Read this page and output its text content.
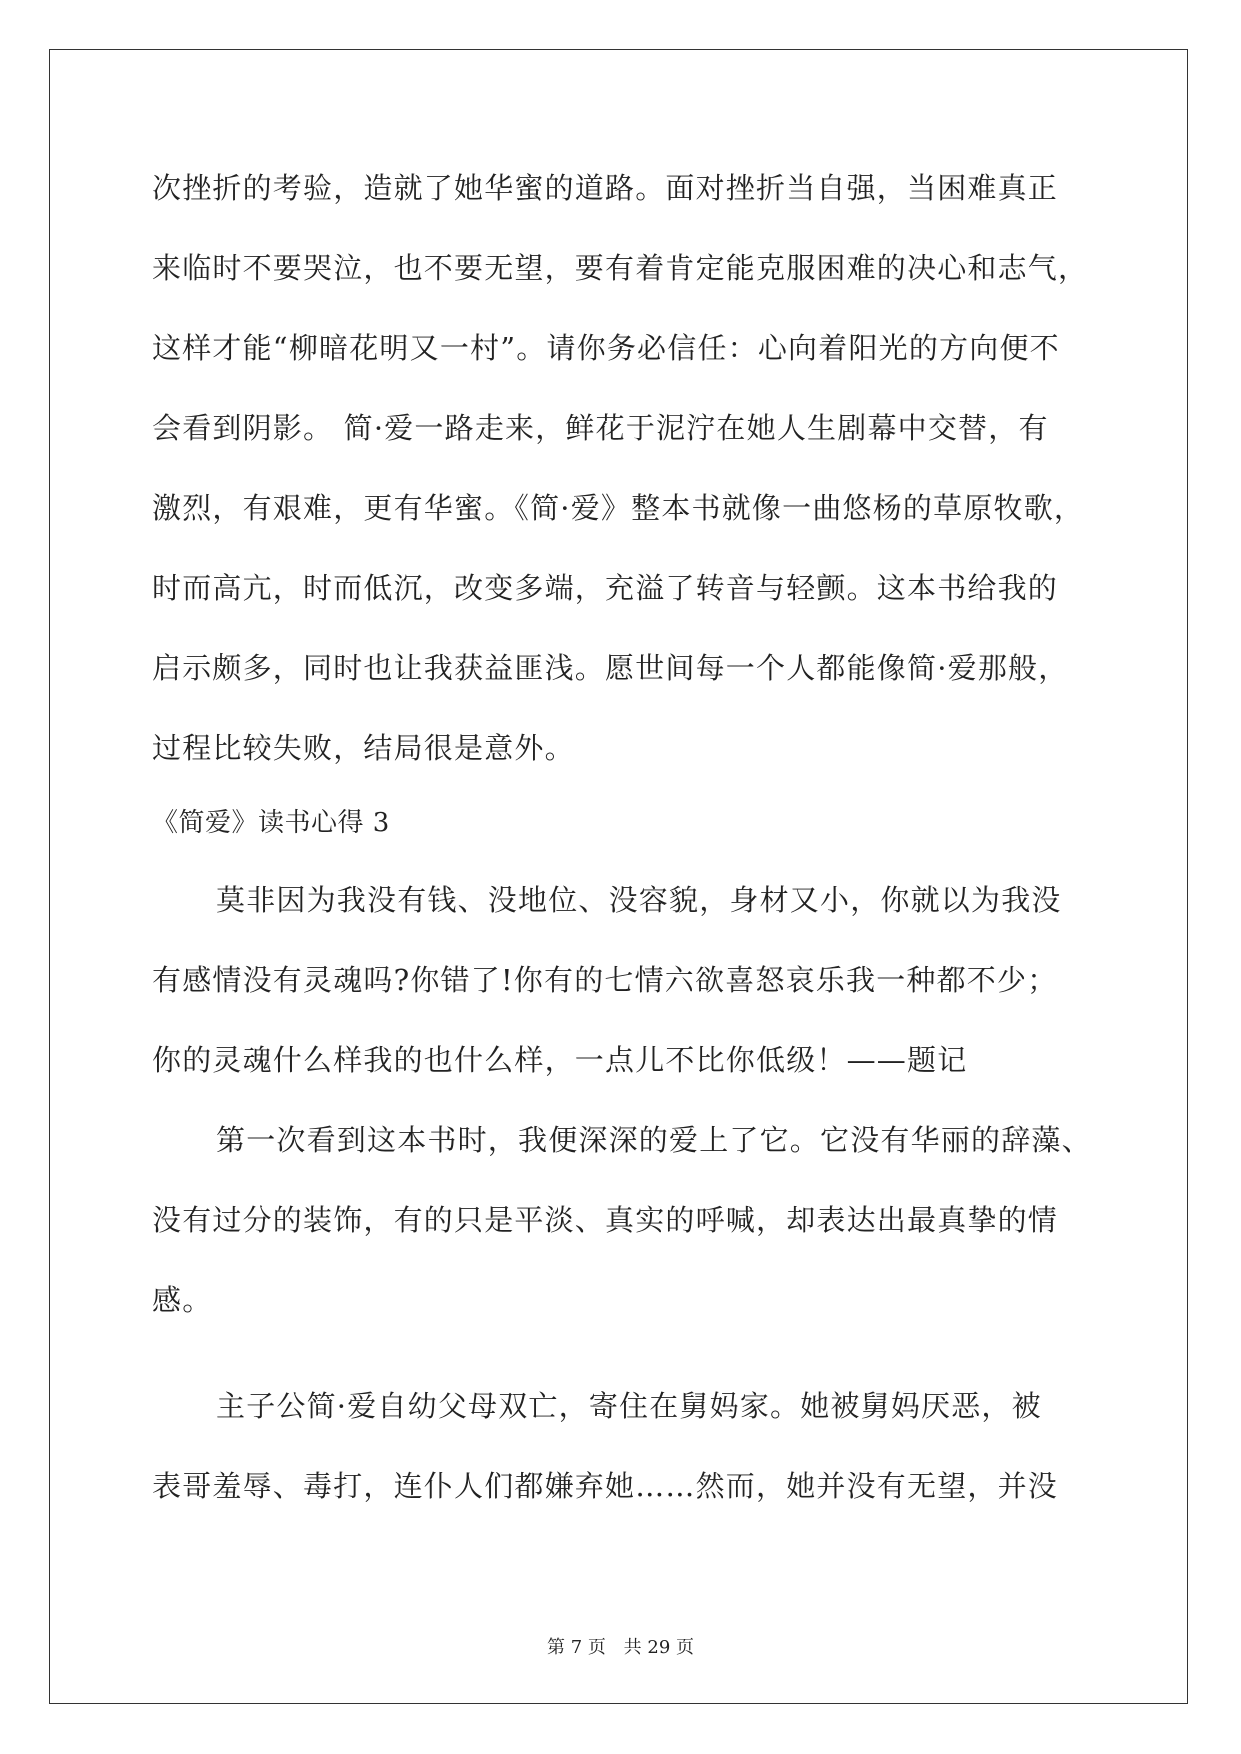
次挫折的考验，造就了她华蜜的道路。面对挫折当自强，当困难真正
来临时不要哭泣，也不要无望，要有着肯定能克服困难的决心和志气，
这样才能“柳暗花明又一村”。请你务必信任：心向着阳光的方向便不
会看到阴影。 简·爱一路走来，鲜花于泥泞在她人生剧幕中交替，有
激烈，有艰难，更有华蜜。《简·爱》整本书就像一曲悠杨的草原牧歌，
时而高亢，时而低沉，改变多端，充溢了转音与轻颤。这本书给我的
启示颇多，同时也让我获益匪浅。愿世间每一个人都能像简·爱那般，
过程比较失败，结局很是意外。
《简爱》读书心得 3
莫非因为我没有钱、没地位、没容貌，身材又小，你就以为我没
有感情没有灵魂吗?你错了!你有的七情六欲喜怒哀乐我一种都不少；
你的灵魂什么样我的也什么样，一点儿不比你低级！——题记
第一次看到这本书时，我便深深的爱上了它。它没有华丽的辞藻、
没有过分的装饰，有的只是平淡、真实的呼喊，却表达出最真挚的情
感。
主子公简·爱自幼父母双亡，寄住在舅妈家。她被舅妈厌恶，被
表哥羞辱、毒打，连仆人们都嫌弃她……然而，她并没有无望，并没
第 7 页 共 29 页
